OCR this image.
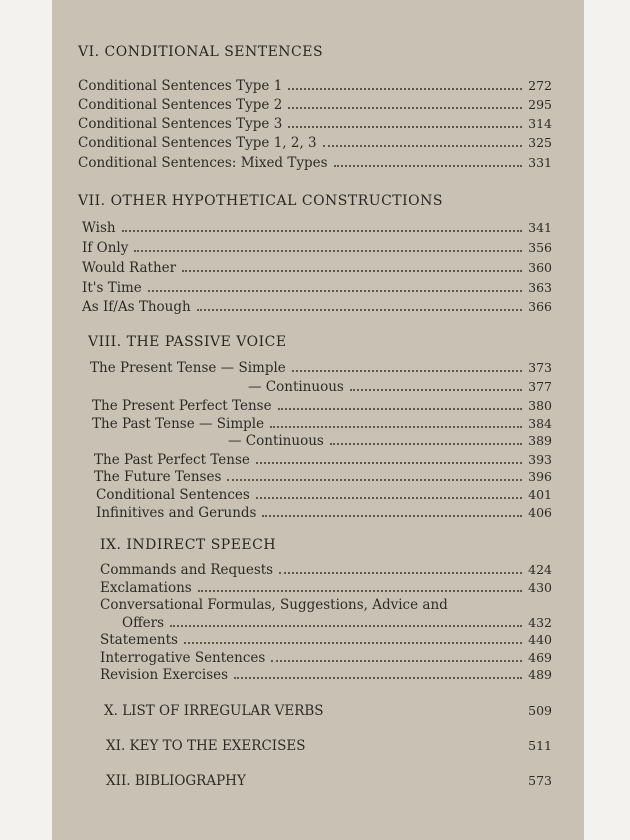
VI. CONDITIONAL SENTENCES
Conditional Sentences Type 1	272
Conditional Sentences Type 2	295
Conditional Sentences Type 3	314
Conditional Sentences Type 1, 2, 3	325
Conditional Sentences: Mixed Types	331
VII. OTHER HYPOTHETICAL CONSTRUCTIONS
Wish	341
If Only	356
Would Rather	360
It's Time	363
As If/As Though	366
VIII. THE PASSIVE VOICE
The Present Tense — Simple	373
— Continuous	377
The Present Perfect Tense	380
The Past Tense — Simple	384
— Continuous	389
The Past Perfect Tense	393
The Future Tenses	396
Conditional Sentences	401
Infinitives and Gerunds	406
IX. INDIRECT SPEECH
Commands and Requests	424
Exclamations	430
Conversational Formulas, Suggestions, Advice and
Offers	432
Statements	440
Interrogative Sentences	469
Revision Exercises	489
X. LIST OF IRREGULAR VERBS	509
XI. KEY TO THE EXERCISES	511
XII. BIBLIOGRAPHY	573
